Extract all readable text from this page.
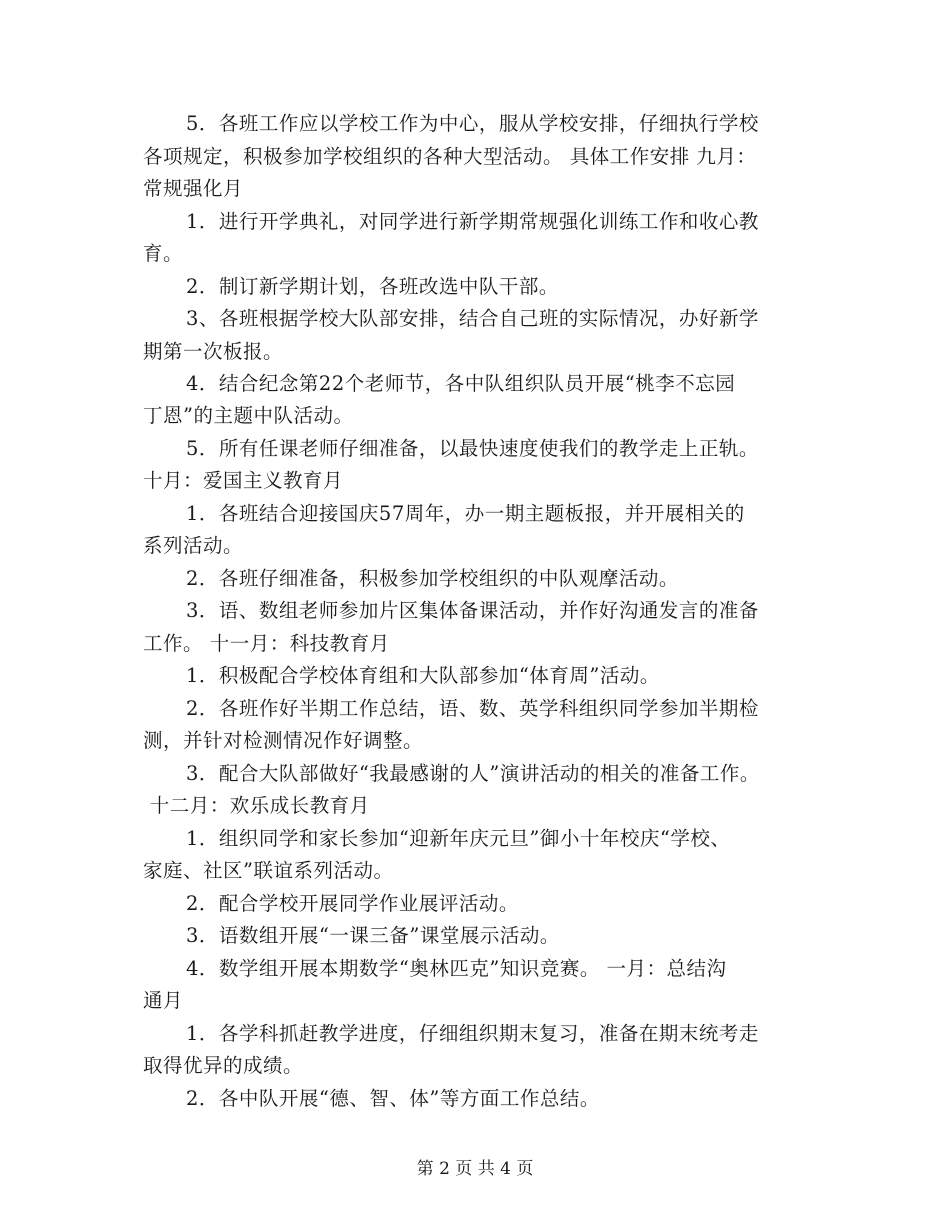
5．各班工作应以学校工作为中心，服从学校安排，仔细执行学校
各项规定，积极参加学校组织的各种大型活动。 具体工作安排 九月：
常规强化月
1．进行开学典礼，对同学进行新学期常规强化训练工作和收心教
育。
2．制订新学期计划，各班改选中队干部。
3、各班根据学校大队部安排，结合自己班的实际情况，办好新学
期第一次板报。
4．结合纪念第22个老师节，各中队组织队员开展“桃李不忘园
丁恩”的主题中队活动。
5．所有任课老师仔细准备，以最快速度使我们的教学走上正轨。
十月：爱国主义教育月
1．各班结合迎接国庆57周年，办一期主题板报，并开展相关的
系列活动。
2．各班仔细准备，积极参加学校组织的中队观摩活动。
3．语、数组老师参加片区集体备课活动，并作好沟通发言的准备
工作。 十一月：科技教育月
1．积极配合学校体育组和大队部参加“体育周”活动。
2．各班作好半期工作总结，语、数、英学科组织同学参加半期检
测，并针对检测情况作好调整。
3．配合大队部做好“我最感谢的人”演讲活动的相关的准备工作。
十二月：欢乐成长教育月
1．组织同学和家长参加“迎新年庆元旦”御小十年校庆“学校、
家庭、社区”联谊系列活动。
2．配合学校开展同学作业展评活动。
3．语数组开展“一课三备”课堂展示活动。
4．数学组开展本期数学“奥林匹克”知识竞赛。 一月：总结沟
通月
1．各学科抓赶教学进度，仔细组织期末复习，准备在期末统考走
取得优异的成绩。
2．各中队开展“德、智、体”等方面工作总结。
第 2 页 共 4 页
